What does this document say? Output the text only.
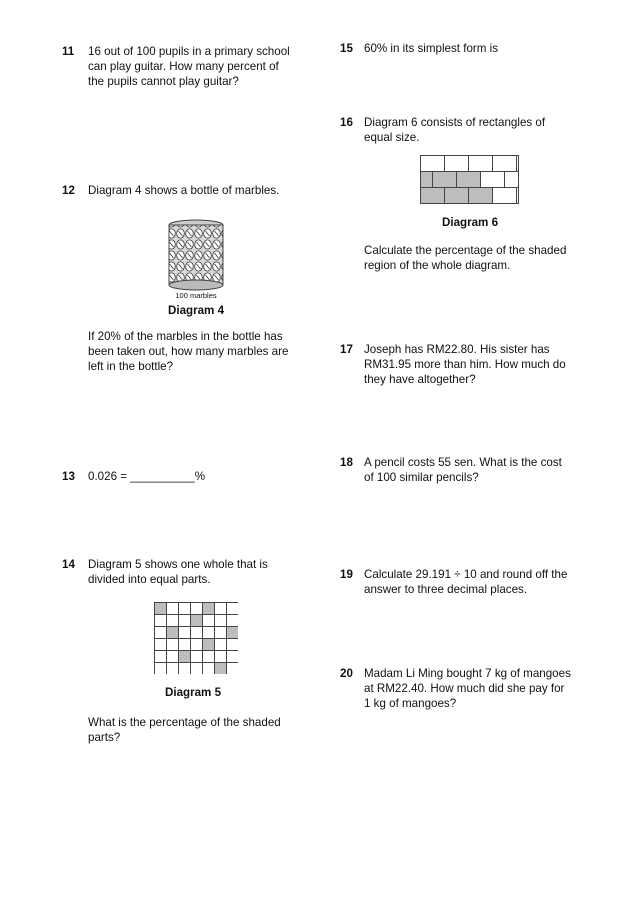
11 16 out of 100 pupils in a primary school
can play guitar. How many percent of
the pupils cannot play guitar?
12 Diagram 4 shows a bottle of marbles.
100 marbles
Diagram 4
If 20% of the marbles in the bottle has
been taken out, how many marbles are
left in the bottle?
13 0.026 = __________%
14 Diagram 5 shows one whole that is
divided into equal parts.
Diagram 5
What is the percentage of the shaded
parts?
15 60% in its simplest form is
16 Diagram 6 consists of rectangles of
equal size.
Diagram 6
Calculate the percentage of the shaded
region of the whole diagram.
17 Joseph has RM22.80. His sister has
RM31.95 more than him. How much do
they have altogether?
18 A pencil costs 55 sen. What is the cost
of 100 similar pencils?
19 Calculate 29.191 ÷ 10 and round off the
answer to three decimal places.
20 Madam Li Ming bought 7 kg of mangoes
at RM22.40. How much did she pay for
1 kg of mangoes?
